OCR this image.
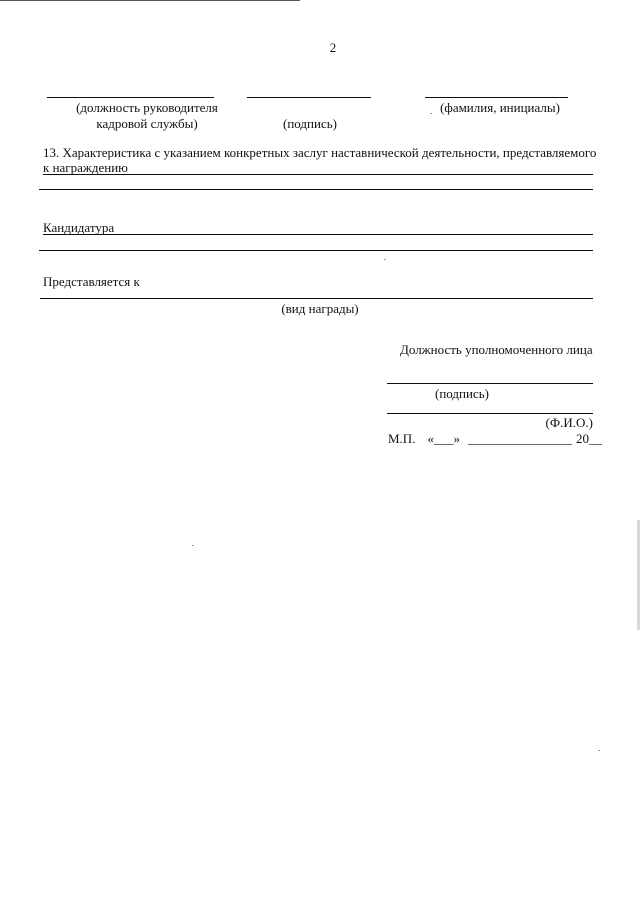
2
(должность руководителя
кадровой службы)	(подпись)
(фамилия, инициалы)
13. Характеристика с указанием конкретных заслуг наставнической деятельности, представляемого
к награждению
Кандидатура
Представляется к
(вид награды)
Должность уполномоченного лица
(подпись)
(Ф.И.О.)
М.П. «___» ________________ 20__
